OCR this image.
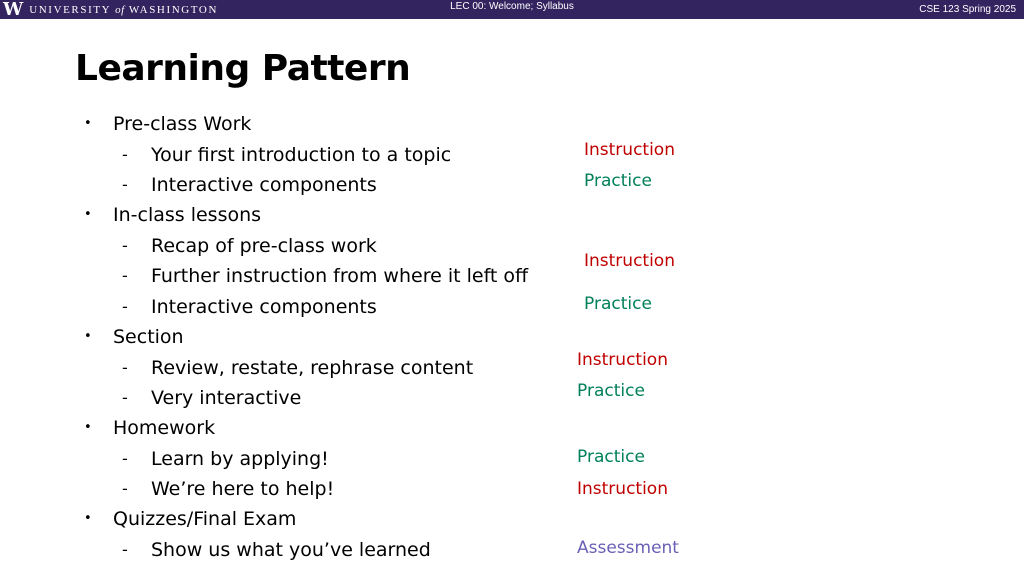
W UNIVERSITY of WASHINGTON	LEC 00: Welcome; Syllabus	CSE 123 Spring 2025
Learning Pattern
• Pre-class Work
- Your first introduction to a topic
- Interactive components
• In-class lessons
- Recap of pre-class work
- Further instruction from where it left off
- Interactive components
• Section
- Review, restate, rephrase content
- Very interactive
• Homework
- Learn by applying!
- We’re here to help!
• Quizzes/Final Exam
- Show us what you’ve learned
Instruction
Practice
Instruction
Practice
Instruction
Practice
Practice
Instruction
Assessment
